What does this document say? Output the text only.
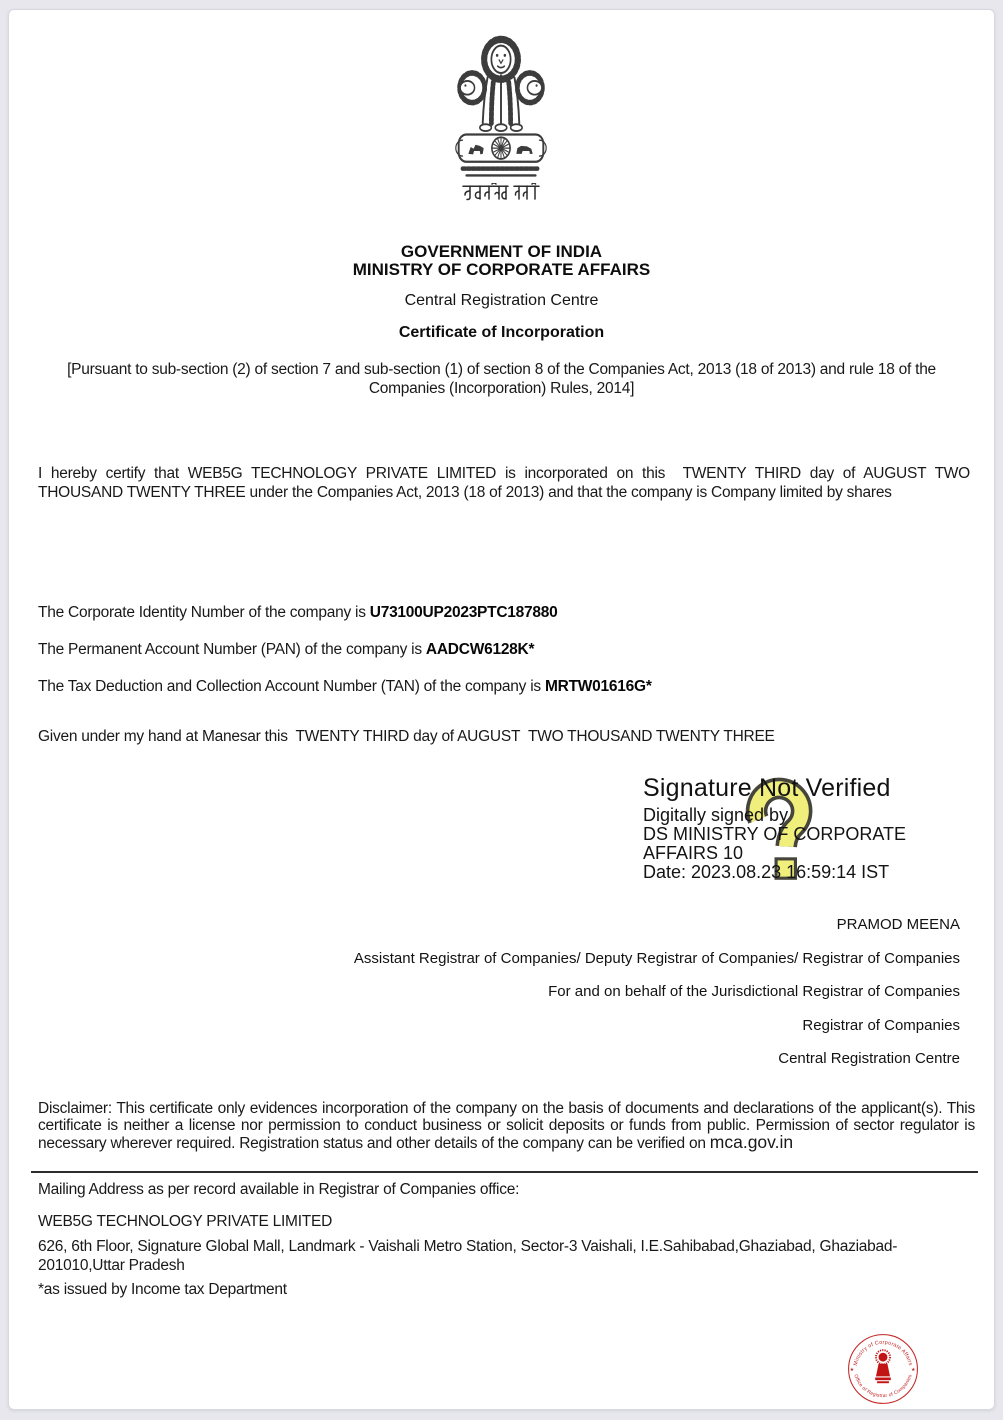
GOVERNMENT OF INDIA
MINISTRY OF CORPORATE AFFAIRS
Central Registration Centre
Certificate of Incorporation
[Pursuant to sub-section (2) of section 7 and sub-section (1) of section 8 of the Companies Act, 2013 (18 of 2013) and rule 18 of the Companies (Incorporation) Rules, 2014]
I hereby certify that WEB5G TECHNOLOGY PRIVATE LIMITED is incorporated on this  TWENTY THIRD day of AUGUST TWO THOUSAND TWENTY THREE under the Companies Act, 2013 (18 of 2013) and that the company is Company limited by shares
The Corporate Identity Number of the company is U73100UP2023PTC187880
The Permanent Account Number (PAN) of the company is AADCW6128K*
The Tax Deduction and Collection Account Number (TAN) of the company is MRTW01616G*
Given under my hand at Manesar this  TWENTY THIRD day of AUGUST  TWO THOUSAND TWENTY THREE
Signature Not Verified
Digitally signed by
DS MINISTRY OF CORPORATE
AFFAIRS 10
Date: 2023.08.23 16:59:14 IST
PRAMOD MEENA
Assistant Registrar of Companies/ Deputy Registrar of Companies/ Registrar of Companies
For and on behalf of the Jurisdictional Registrar of Companies
Registrar of Companies
Central Registration Centre
Disclaimer: This certificate only evidences incorporation of the company on the basis of documents and declarations of the applicant(s). This certificate is neither a license nor permission to conduct business or solicit deposits or funds from public. Permission of sector regulator is necessary wherever required. Registration status and other details of the company can be verified on mca.gov.in
Mailing Address as per record available in Registrar of Companies office:
WEB5G TECHNOLOGY PRIVATE LIMITED
626, 6th Floor, Signature Global Mall, Landmark - Vaishali Metro Station, Sector-3 Vaishali, I.E.Sahibabad,Ghaziabad, Ghaziabad-201010,Uttar Pradesh
*as issued by Income tax Department
Ministry of Corporate Affairs
Office of Registrar of Companies
★	★
